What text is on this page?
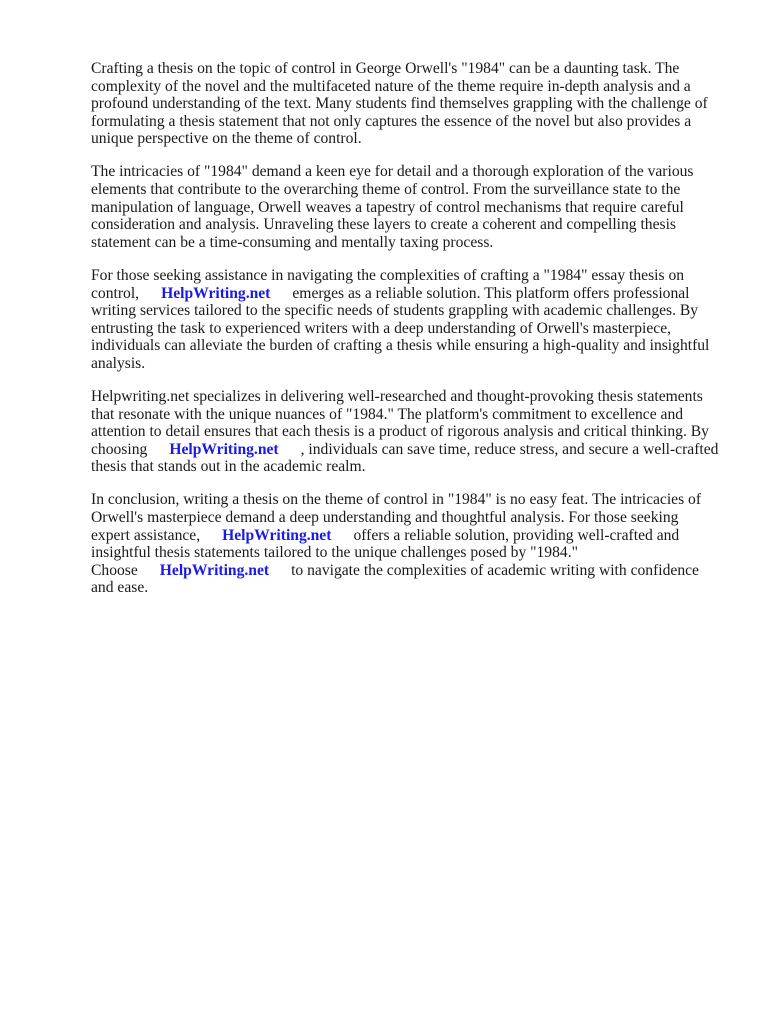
Crafting a thesis on the topic of control in George Orwell's "1984" can be a daunting task. The complexity of the novel and the multifaceted nature of the theme require in-depth analysis and a profound understanding of the text. Many students find themselves grappling with the challenge of formulating a thesis statement that not only captures the essence of the novel but also provides a unique perspective on the theme of control.

The intricacies of "1984" demand a keen eye for detail and a thorough exploration of the various elements that contribute to the overarching theme of control. From the surveillance state to the manipulation of language, Orwell weaves a tapestry of control mechanisms that require careful consideration and analysis. Unraveling these layers to create a coherent and compelling thesis statement can be a time-consuming and mentally taxing process.

For those seeking assistance in navigating the complexities of crafting a "1984" essay thesis on control, HelpWriting.net emerges as a reliable solution. This platform offers professional writing services tailored to the specific needs of students grappling with academic challenges. By entrusting the task to experienced writers with a deep understanding of Orwell's masterpiece, individuals can alleviate the burden of crafting a thesis while ensuring a high-quality and insightful analysis.

Helpwriting.net specializes in delivering well-researched and thought-provoking thesis statements that resonate with the unique nuances of "1984." The platform's commitment to excellence and attention to detail ensures that each thesis is a product of rigorous analysis and critical thinking. By choosing HelpWriting.net , individuals can save time, reduce stress, and secure a well-crafted thesis that stands out in the academic realm.

In conclusion, writing a thesis on the theme of control in "1984" is no easy feat. The intricacies of Orwell's masterpiece demand a deep understanding and thoughtful analysis. For those seeking expert assistance, HelpWriting.net offers a reliable solution, providing well-crafted and insightful thesis statements tailored to the unique challenges posed by "1984." Choose HelpWriting.net to navigate the complexities of academic writing with confidence and ease.
